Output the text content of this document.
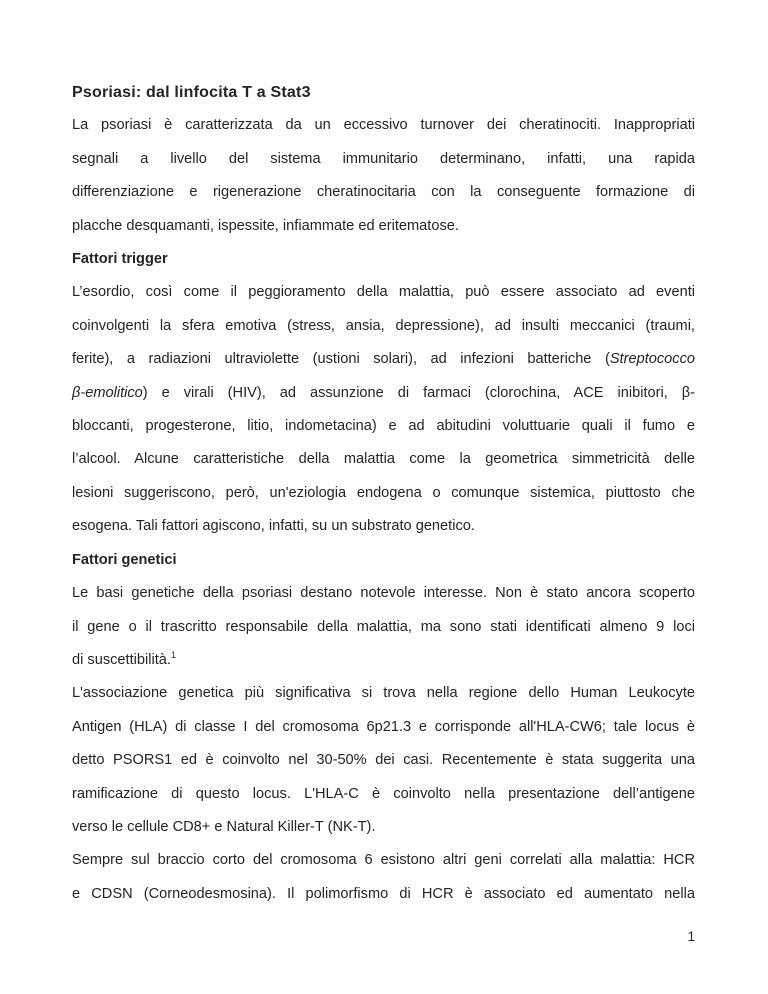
Psoriasi: dal linfocita T a Stat3
La psoriasi è caratterizzata da un eccessivo turnover dei cheratinociti. Inappropriati
segnali a livello del sistema immunitario determinano, infatti, una rapida
differenziazione e rigenerazione cheratinocitaria con la conseguente formazione di
placche desquamanti, ispessite, infiammate ed eritematose.
Fattori trigger
L’esordio, così come il peggioramento della malattia, può essere associato ad eventi
coinvolgenti la sfera emotiva (stress, ansia, depressione), ad insulti meccanici (traumi,
ferite), a radiazioni ultraviolette (ustioni solari), ad infezioni batteriche (Streptococco
β-emolitico) e virali (HIV), ad assunzione di farmaci (clorochina, ACE inibitori, β-
bloccanti, progesterone, litio, indometacina) e ad abitudini voluttuarie quali il fumo e
l’alcool. Alcune caratteristiche della malattia come la geometrica simmetricità delle
lesioni suggeriscono, però, un'eziologia endogena o comunque sistemica, piuttosto che
esogena. Tali fattori agiscono, infatti, su un substrato genetico.
Fattori genetici
Le basi genetiche della psoriasi destano notevole interesse. Non è stato ancora scoperto
il gene o il trascritto responsabile della malattia, ma sono stati identificati almeno 9 loci
di suscettibilità.$^1$
L'associazione genetica più significativa si trova nella regione dello Human Leukocyte
Antigen (HLA) di classe I del cromosoma 6p21.3 e corrisponde all'HLA-CW6; tale locus è
detto PSORS1 ed è coinvolto nel 30-50% dei casi. Recentemente è stata suggerita una
ramificazione di questo locus. L'HLA-C è coinvolto nella presentazione dell’antigene
verso le cellule CD8+ e Natural Killer-T (NK-T).
Sempre sul braccio corto del cromosoma 6 esistono altri geni correlati alla malattia: HCR
e CDSN (Corneodesmosina). Il polimorfismo di HCR è associato ed aumentato nella
1
